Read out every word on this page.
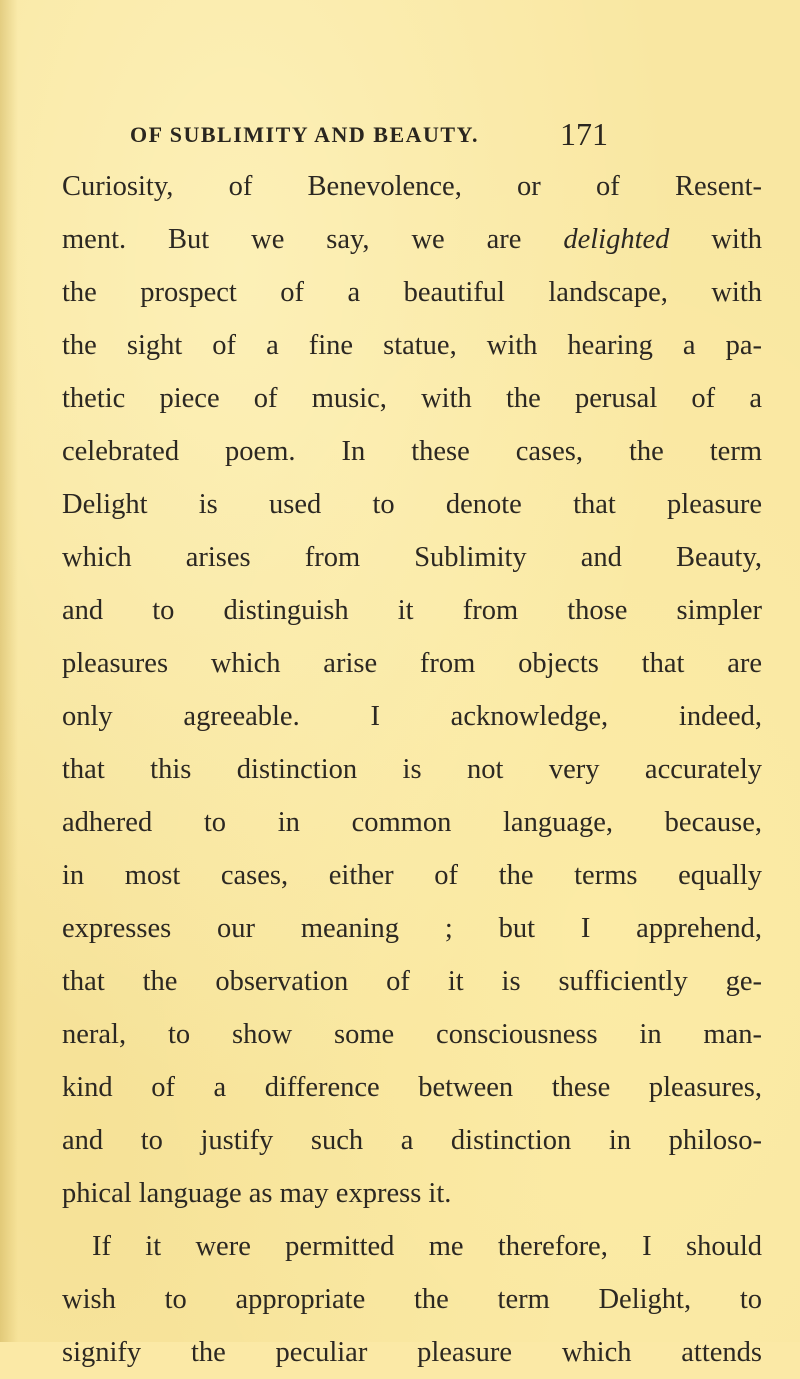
OF SUBLIMITY AND BEAUTY.	171
Curiosity, of Benevolence, or of Resent-
ment. But we say, we are delighted with
the prospect of a beautiful landscape, with
the sight of a fine statue, with hearing a pa-
thetic piece of music, with the perusal of a
celebrated poem. In these cases, the term
Delight is used to denote that pleasure
which arises from Sublimity and Beauty,
and to distinguish it from those simpler
pleasures which arise from objects that are
only agreeable. I acknowledge, indeed,
that this distinction is not very accurately
adhered to in common language, because,
in most cases, either of the terms equally
expresses our meaning ; but I apprehend,
that the observation of it is sufficiently ge-
neral, to show some consciousness in man-
kind of a difference between these pleasures,
and to justify such a distinction in philoso-
phical language as may express it.
If it were permitted me therefore, I should
wish to appropriate the term Delight, to
signify the peculiar pleasure which attends
